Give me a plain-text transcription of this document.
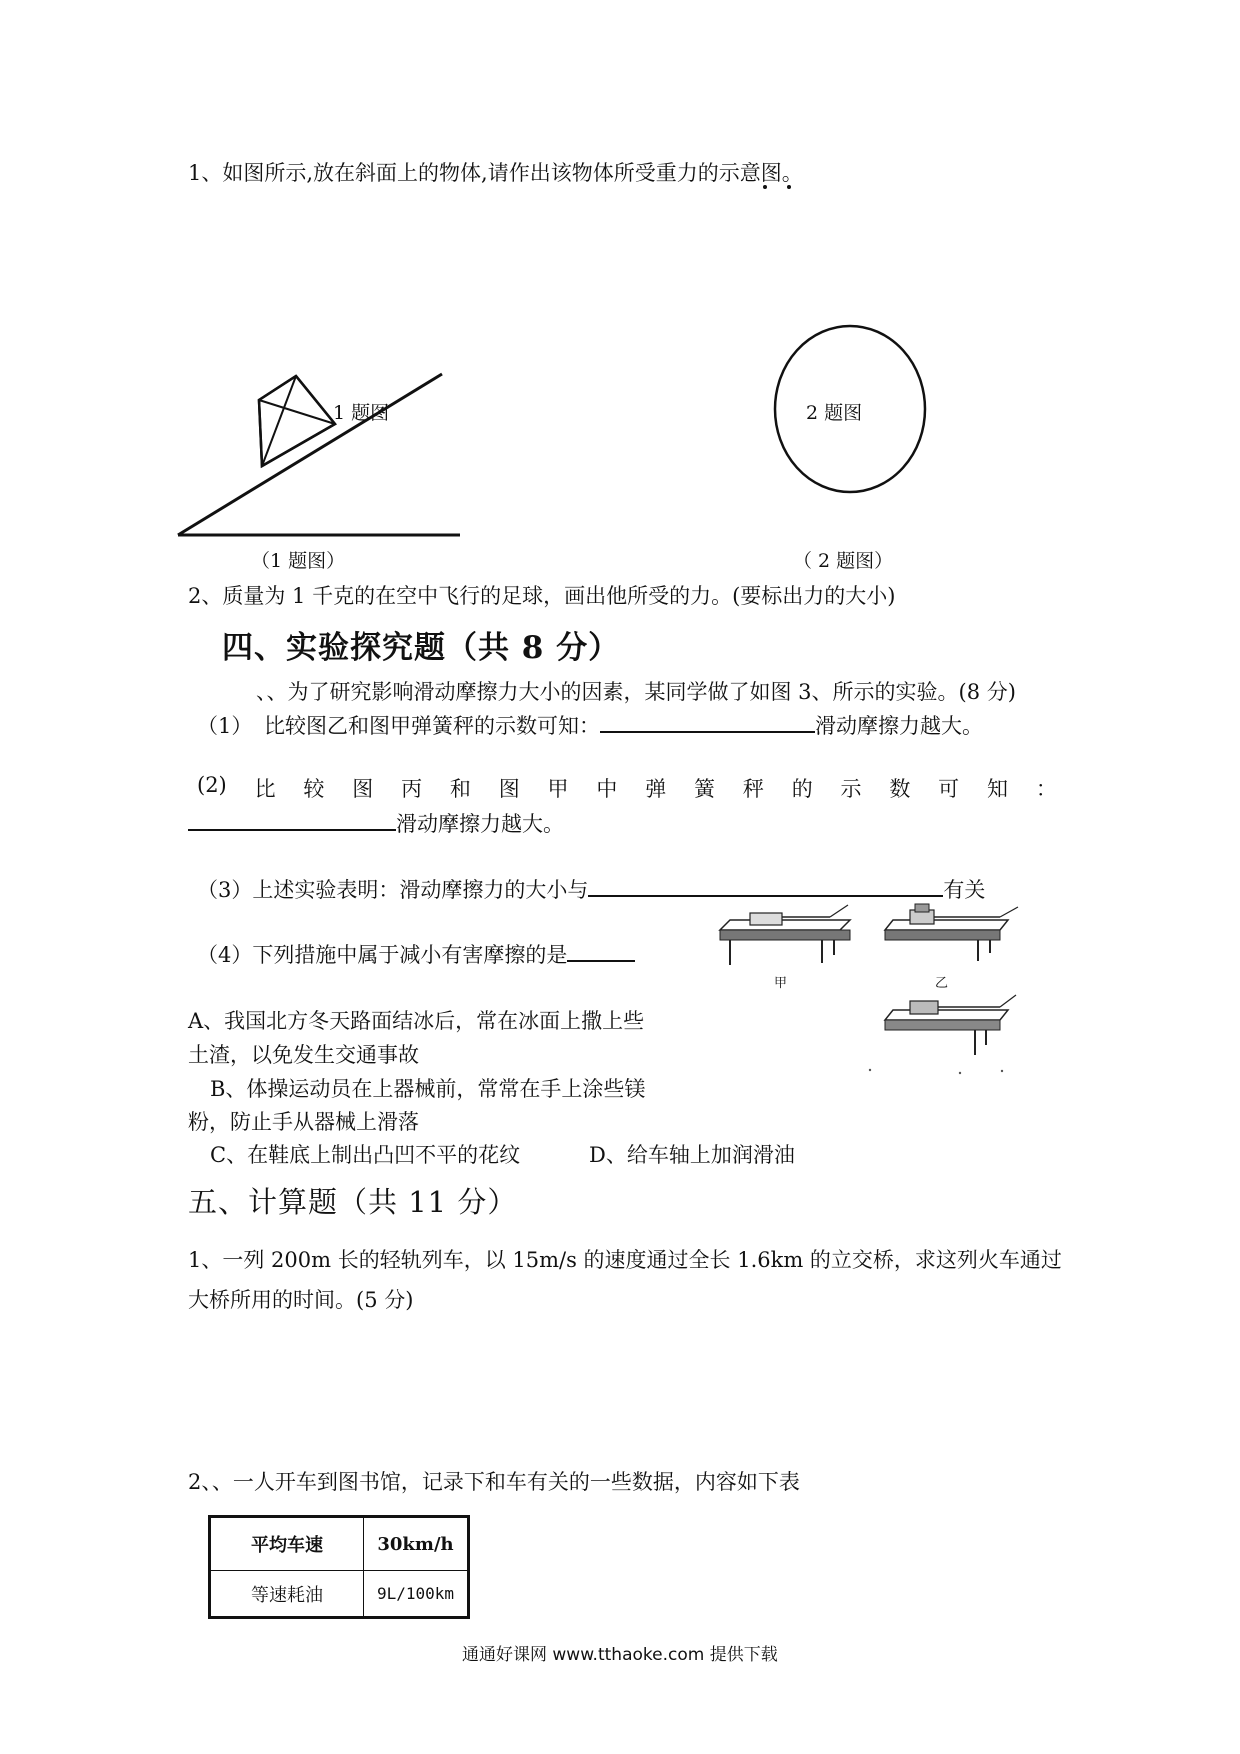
1、如图所示,放在斜面上的物体,请作出该物体所受重力的示意图。
1 题图
（1 题图）
2 题图
（ 2 题图）
2、质量为 1 千克的在空中飞行的足球，画出他所受的力。(要标出力的大小)
四、实验探究题（共 8 分）
、、为了研究影响滑动摩擦力大小的因素，某同学做了如图 3、所示的实验。(8 分)
（1） 比较图乙和图甲弹簧秤的示数可知：	滑动摩擦力越大。
(2) 比 较 图 丙 和 图 甲 中 弹 簧 秤 的 示 数 可 知 ：
滑动摩擦力越大。
（3）上述实验表明：滑动摩擦力的大小与	有关
（4）下列措施中属于减小有害摩擦的是
A、我国北方冬天路面结冰后，常在冰面上撒上些
土渣，以免发生交通事故
B、体操运动员在上器械前，常常在手上涂些镁
粉，防止手从器械上滑落
C、在鞋底上制出凸凹不平的花纹	D、给车轴上加润滑油
甲	乙
五、计算题（共 11 分）
1、一列 200m 长的轻轨列车，以 15m/s 的速度通过全长 1.6km 的立交桥，求这列火车通过
大桥所用的时间。(5 分)
2、、一人开车到图书馆，记录下和车有关的一些数据，内容如下表
平均车速	30km/h
等速耗油	9L/100km
通通好课网 www.tthaoke.com 提供下载
